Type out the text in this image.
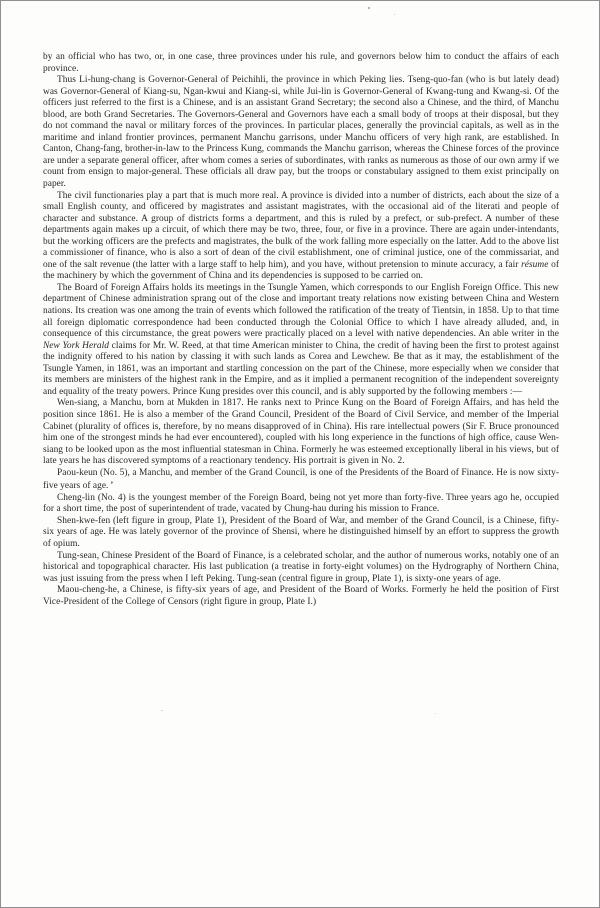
by an official who has two, or, in one case, three provinces under his rule, and governors below him to conduct the affairs of each province.

Thus Li-hung-chang is Governor-General of Peichihli, the province in which Peking lies. Tseng-quo-fan (who is but lately dead) was Governor-General of Kiang-su, Ngan-kwui and Kiang-si, while Jui-lin is Governor-General of Kwang-tung and Kwang-si. Of the officers just referred to the first is a Chinese, and is an assistant Grand Secretary; the second also a Chinese, and the third, of Manchu blood, are both Grand Secretaries. The Governors-General and Governors have each a small body of troops at their disposal, but they do not command the naval or military forces of the provinces. In particular places, generally the provincial capitals, as well as in the maritime and inland frontier provinces, permanent Manchu garrisons, under Manchu officers of very high rank, are established. In Canton, Chang-fang, brother-in-law to the Princess Kung, commands the Manchu garrison, whereas the Chinese forces of the province are under a separate general officer, after whom comes a series of subordinates, with ranks as numerous as those of our own army if we count from ensign to major-general. These officials all draw pay, but the troops or constabulary assigned to them exist principally on paper.

The civil functionaries play a part that is much more real. A province is divided into a number of districts, each about the size of a small English county, and officered by magistrates and assistant magistrates, with the occasional aid of the literati and people of character and substance. A group of districts forms a department, and this is ruled by a prefect, or sub-prefect. A number of these departments again makes up a circuit, of which there may be two, three, four, or five in a province. There are again under-intendants, but the working officers are the prefects and magistrates, the bulk of the work falling more especially on the latter. Add to the above list a commissioner of finance, who is also a sort of dean of the civil establishment, one of criminal justice, one of the commissariat, and one of the salt revenue (the latter with a large staff to help him), and you have, without pretension to minute accuracy, a fair résume of the machinery by which the government of China and its dependencies is supposed to be carried on.

The Board of Foreign Affairs holds its meetings in the Tsungle Yamen, which corresponds to our English Foreign Office. This new department of Chinese administration sprang out of the close and important treaty relations now existing between China and Western nations. Its creation was one among the train of events which followed the ratification of the treaty of Tientsin, in 1858. Up to that time all foreign diplomatic correspondence had been conducted through the Colonial Office to which I have already alluded, and, in consequence of this circumstance, the great powers were practically placed on a level with native dependencies. An able writer in the New York Herald claims for Mr. W. Reed, at that time American minister to China, the credit of having been the first to protest against the indignity offered to his nation by classing it with such lands as Corea and Lewchew. Be that as it may, the establishment of the Tsungle Yamen, in 1861, was an important and startling concession on the part of the Chinese, more especially when we consider that its members are ministers of the highest rank in the Empire, and as it implied a permanent recognition of the independent sovereignty and equality of the treaty powers. Prince Kung presides over this council, and is ably supported by the following members :—

Wen-siang, a Manchu, born at Mukden in 1817. He ranks next to Prince Kung on the Board of Foreign Affairs, and has held the position since 1861. He is also a member of the Grand Council, President of the Board of Civil Service, and member of the Imperial Cabinet (plurality of offices is, therefore, by no means disapproved of in China). His rare intellectual powers (Sir F. Bruce pronounced him one of the strongest minds he had ever encountered), coupled with his long experience in the functions of high office, cause Wen-siang to be looked upon as the most influential statesman in China. Formerly he was esteemed exceptionally liberal in his views, but of late years he has discovered symptoms of a reactionary tendency. His portrait is given in No. 2.

Paou-keun (No. 5), a Manchu, and member of the Grand Council, is one of the Presidents of the Board of Finance. He is now sixty-five years of age. ʼ

Cheng-lin (No. 4) is the youngest member of the Foreign Board, being not yet more than forty-five. Three years ago he, occupied for a short time, the post of superintendent of trade, vacated by Chung-hau during his mission to France.

Shen-kwe-fen (left figure in group, Plate 1), President of the Board of War, and member of the Grand Council, is a Chinese, fifty-six years of age. He was lately governor of the province of Shensi, where he distinguished himself by an effort to suppress the growth of opium.

Tung-sean, Chinese President of the Board of Finance, is a celebrated scholar, and the author of numerous works, notably one of an historical and topographical character. His last publication (a treatise in forty-eight volumes) on the Hydrography of Northern China, was just issuing from the press when I left Peking. Tung-sean (central figure in group, Plate 1), is sixty-one years of age.

Maou-cheng-he, a Chinese, is fifty-six years of age, and President of the Board of Works. Formerly he held the position of First Vice-President of the College of Censors (right figure in group, Plate I.)
